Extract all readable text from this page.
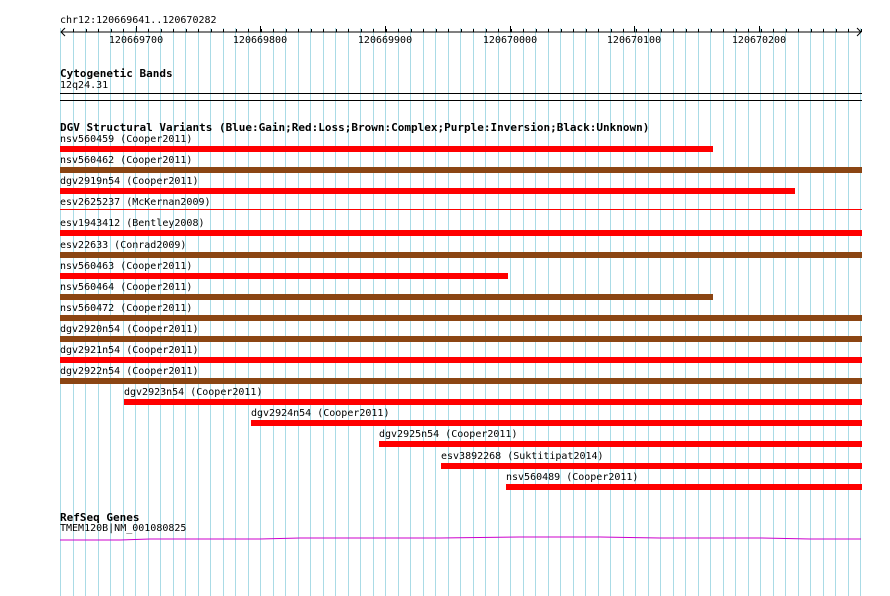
chr12:120669641..120670282
120669700	120669800	120669900	120670000	120670100	120670200
Cytogenetic Bands
12q24.31
DGV Structural Variants (Blue:Gain;Red:Loss;Brown:Complex;Purple:Inversion;Black:Unknown)
nsv560459 (Cooper2011)
nsv560462 (Cooper2011)
dgv2919n54 (Cooper2011)
esv2625237 (McKernan2009)
esv1943412 (Bentley2008)
esv22633 (Conrad2009)
nsv560463 (Cooper2011)
nsv560464 (Cooper2011)
nsv560472 (Cooper2011)
dgv2920n54 (Cooper2011)
dgv2921n54 (Cooper2011)
dgv2922n54 (Cooper2011)
dgv2923n54 (Cooper2011)
dgv2924n54 (Cooper2011)
dgv2925n54 (Cooper2011)
esv3892268 (Suktitipat2014)
nsv560489 (Cooper2011)
RefSeq Genes
TMEM120B|NM_001080825
